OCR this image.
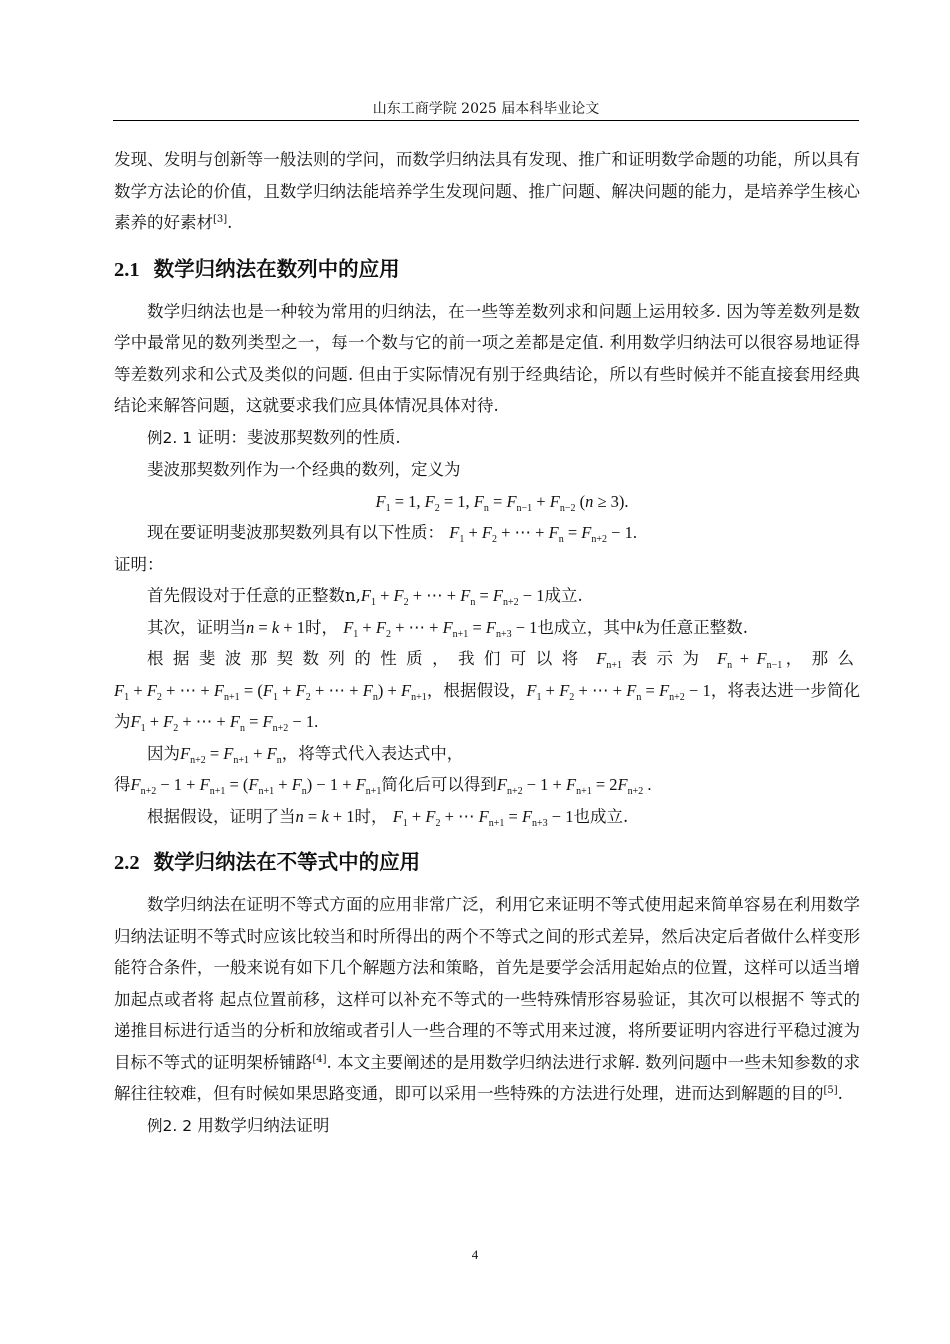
山东工商学院 2025 届本科毕业论文

发现、发明与创新等一般法则的学问，而数学归纳法具有发现、推广和证明数学命题的功能，所以具有数学方法论的价值，且数学归纳法能培养学生发现问题、推广问题、解决问题的能力，是培养学生核心素养的好素材[3].

2.1 数学归纳法在数列中的应用

数学归纳法也是一种较为常用的归纳法，在一些等差数列求和问题上运用较多. 因为等差数列是数学中最常见的数列类型之一，每一个数与它的前一项之差都是定值. 利用数学归纳法可以很容易地证得等差数列求和公式及类似的问题. 但由于实际情况有别于经典结论，所以有些时候并不能直接套用经典结论来解答问题，这就要求我们应具体情况具体对待.

例2. 1 证明：斐波那契数列的性质.

斐波那契数列作为一个经典的数列，定义为

$F_1 = 1$, $F_2 = 1$, $F_n = F_{n-1} + F_{n-2}$ (n ≥ 3).

现在要证明斐波那契数列具有以下性质： $F_1 + F_2$ + ⋯ + $F_n = F_{n+2} - 1$.

证明：

首先假设对于任意的正整数$n,F_1 + F_2$ + ⋯ + $F_n = F_{n+2} - 1$成立.

其次，证明当n = k + 1时， $F_1 + F_2$ + ⋯ + $F_{n+1} = F_{n+3} - 1$也成立，其中k为任意正整数.

根据斐波那契数列的性质，我们可以将 $F_{n+1}$ 表示为 $F_n + F_{n-1}$，那么 $F_1 + F_2$ + ⋯ + $F_{n+1} = (F_1 + F_2$ + ⋯ + $F_n) + F_{n+1}$，根据假设，$F_1 + F_2$ + ⋯ + $F_n = F_{n+2} - 1$，将表达进一步简化为$F_1 + F_2$ + ⋯ + $F_n = F_{n+2} - 1$.

因为$F_{n+2} = F_{n+1} + F_n$，将等式代入表达式中，

得$F_{n+2} - 1 + F_{n+1} = (F_{n+1} + F_n) - 1 + F_{n+1}$简化后可以得到$F_{n+2} - 1 + F_{n+1} = 2F_{n+2}$ .

根据假设，证明了当n = k + 1时， $F_1 + F_2$ + ⋯ $F_{n+1} = F_{n+3} - 1$也成立.

2.2 数学归纳法在不等式中的应用

数学归纳法在证明不等式方面的应用非常广泛，利用它来证明不等式使用起来简单容易在利用数学归纳法证明不等式时应该比较当和时所得出的两个不等式之间的形式差异，然后决定后者做什么样变形能符合条件，一般来说有如下几个解题方法和策略，首先是要学会活用起始点的位置，这样可以适当增加起点或者将 起点位置前移，这样可以补充不等式的一些特殊情形容易验证，其次可以根据不 等式的递推目标进行适当的分析和放缩或者引人一些合理的不等式用来过渡，将所要证明内容进行平稳过渡为目标不等式的证明架桥铺路[4]. 本文主要阐述的是用数学归纳法进行求解. 数列问题中一些未知参数的求解往往较难，但有时候如果思路变通，即可以采用一些特殊的方法进行处理，进而达到解题的目的[5].

例2. 2 用数学归纳法证明

4
